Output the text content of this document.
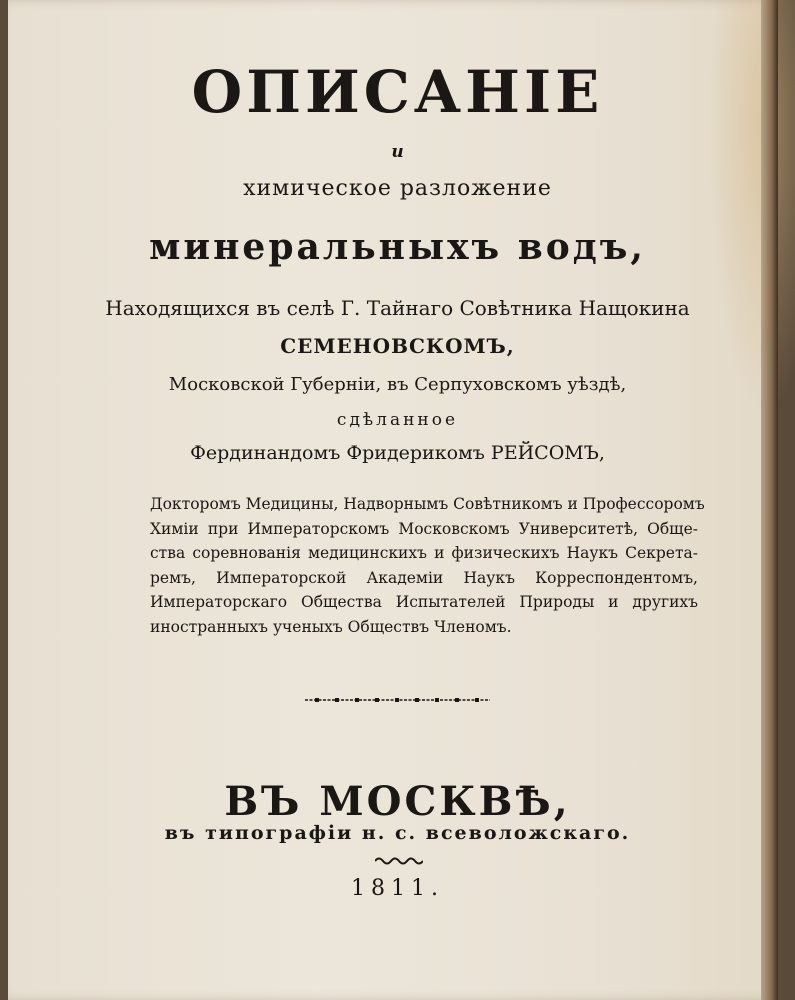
ОПИСАНІЕ
и
химическое разложение
минеральныхъ водъ,
Находящихся въ селѣ Г. Тайнаго Совѣтника Нащокина
СЕМЕНОВСКОМЪ,
Московской Губерніи, въ Серпуховскомъ уѣздѣ,
сдѣланное
Фердинандомъ Фридерикомъ РЕЙСОМЪ,
Докторомъ Медицины, Надворнымъ Совѣтникомъ и Профессоромъ
Химіи при Императорскомъ Московскомъ Университетѣ, Обще-
ства соревнованія медицинскихъ и физическихъ Наукъ Секрета-
ремъ, Императорской Академіи Наукъ Корреспондентомъ,
Императорскаго Общества Испытателей Природы и другихъ
иностранныхъ ученыхъ Обществъ Членомъ.
ВЪ МОСКВѢ,
въ типографіи н. с. всеволожскаго.
1811.
